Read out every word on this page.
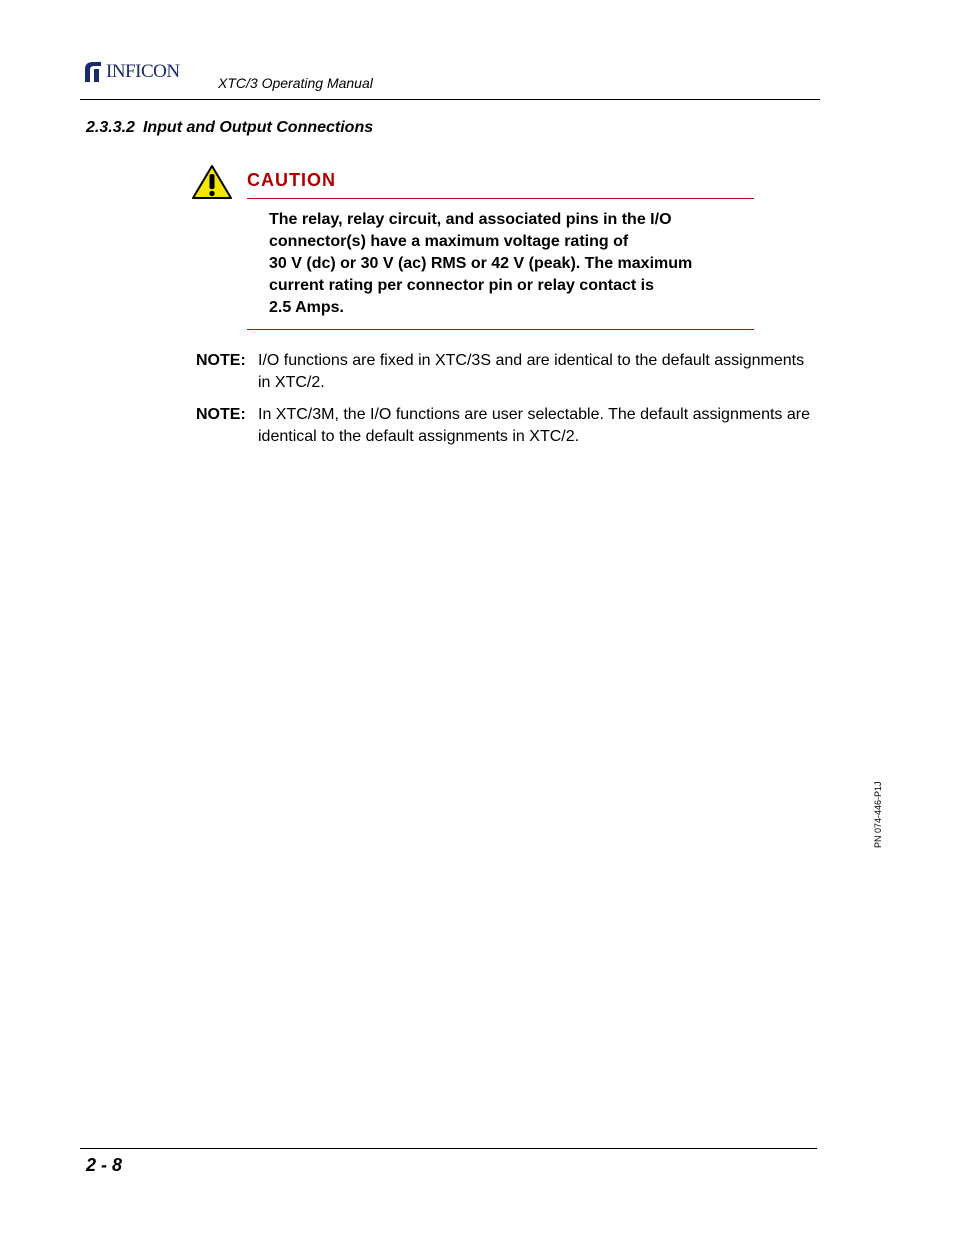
INFICON
XTC/3 Operating Manual
2.3.3.2 Input and Output Connections
CAUTION
The relay, relay circuit, and associated pins in the I/O
connector(s) have a maximum voltage rating of
30 V (dc) or 30 V (ac) RMS or 42 V (peak). The maximum
current rating per connector pin or relay contact is
2.5 Amps.
NOTE: I/O functions are fixed in XTC/3S and are identical to the default assignments in XTC/2.
NOTE: In XTC/3M, the I/O functions are user selectable. The default assignments are identical to the default assignments in XTC/2.
PN 074-446-P1J
2 - 8
